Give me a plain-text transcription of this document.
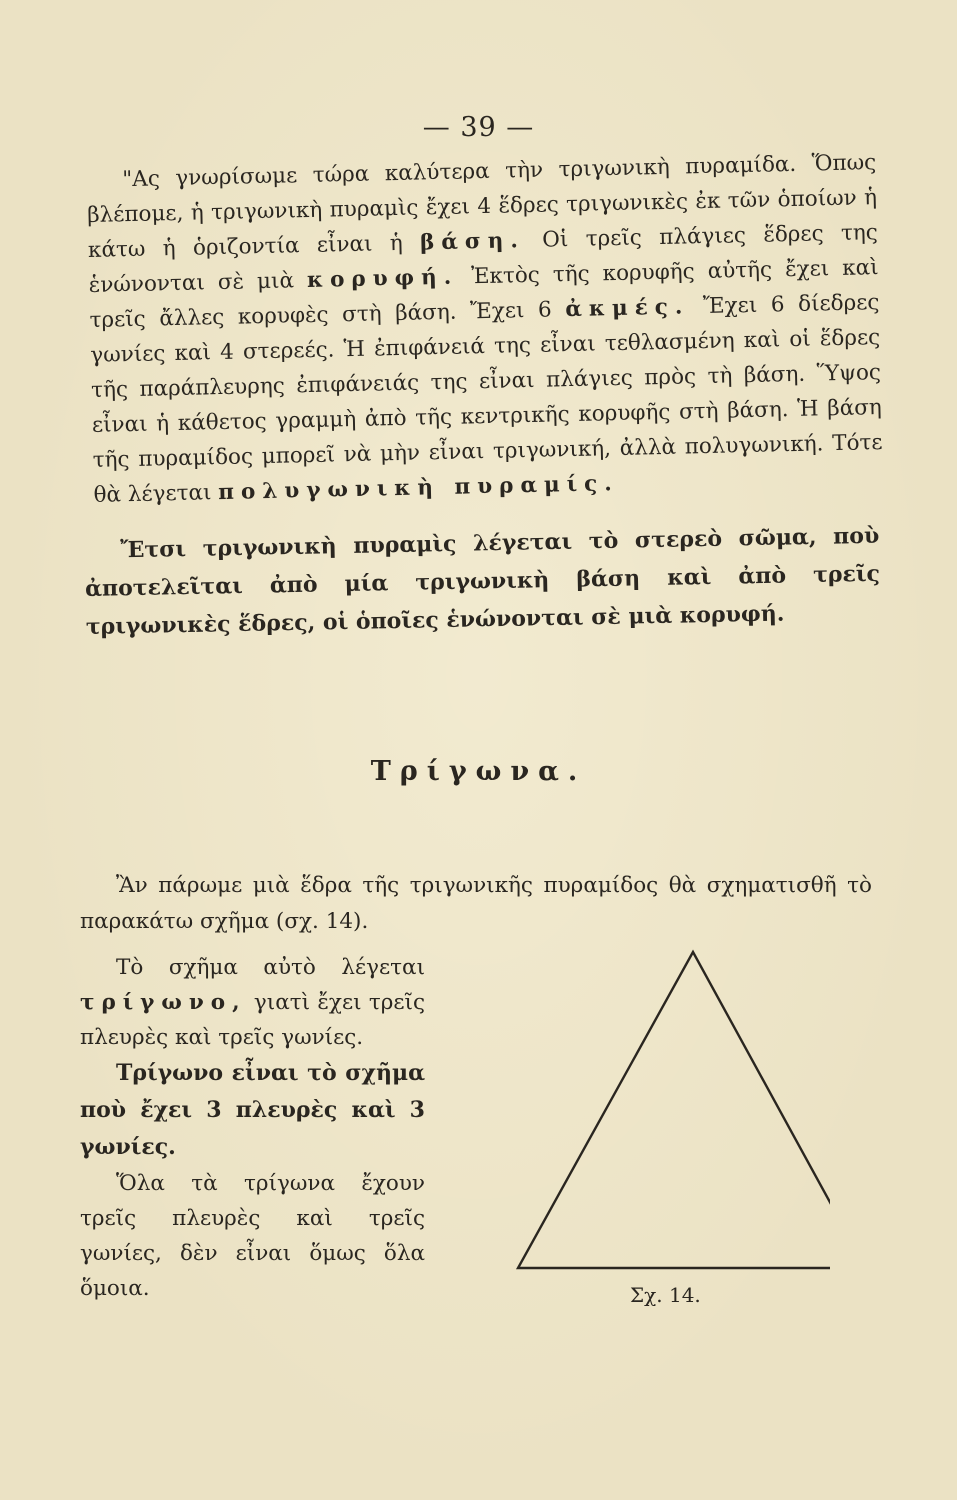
— 39 —

"Ας γνωρίσωμε τώρα καλύτερα τὴν τριγωνικὴ πυραμίδα. Ὅπως βλέπομε, ἡ τριγωνικὴ πυραμὶς ἔχει 4 ἕδρες τριγωνικὲς ἐκ τῶν ὁποίων ἡ κάτω ἡ ὁριζοντία εἶναι ἡ βάση. Οἱ τρεῖς πλάγιες ἕδρες της ἑνώνονται σὲ μιὰ κορυφή. Ἐκτὸς τῆς κορυφῆς αὐτῆς ἔχει καὶ τρεῖς ἄλλες κορυφὲς στὴ βάση. Ἔχει 6 ἀκμές. Ἔχει 6 δίεδρες γωνίες καὶ 4 στερεές. Ἡ ἐπιφάνειά της εἶναι τεθλασμένη καὶ οἱ ἕδρες τῆς παράπλευρης ἐπιφάνειάς της εἶναι πλάγιες πρὸς τὴ βάση. Ὕψος εἶναι ἡ κάθετος γραμμὴ ἀπὸ τῆς κεντρικῆς κορυφῆς στὴ βάση. Ἡ βάση τῆς πυραμίδος μπορεῖ νὰ μὴν εἶναι τριγωνική, ἀλλὰ πολυγωνική. Τότε θὰ λέγεται πολυγωνικὴ πυραμίς.

Ἔτσι τριγωνικὴ πυραμὶς λέγεται τὸ στερεὸ σῶμα, ποὺ ἀποτελεῖται ἀπὸ μία τριγωνικὴ βάση καὶ ἀπὸ τρεῖς τριγωνικὲς ἕδρες, οἱ ὁποῖες ἑνώνονται σὲ μιὰ κορυφή.

Τρίγωνα.

Ἂν πάρωμε μιὰ ἕδρα τῆς τριγωνικῆς πυραμίδος θὰ σχηματισθῆ τὸ παρακάτω σχῆμα (σχ. 14).

Τὸ σχῆμα αὐτὸ λέγεται τρίγωνο, γιατὶ ἔχει τρεῖς πλευρὲς καὶ τρεῖς γωνίες.

Τρίγωνο εἶναι τὸ σχῆμα ποὺ ἔχει 3 πλευρὲς καὶ 3 γωνίες.

Ὅλα τὰ τρίγωνα ἔχουν τρεῖς πλευρὲς καὶ τρεῖς γωνίες, δὲν εἶναι ὅμως ὅλα ὅμοια.	Σχ. 14.
